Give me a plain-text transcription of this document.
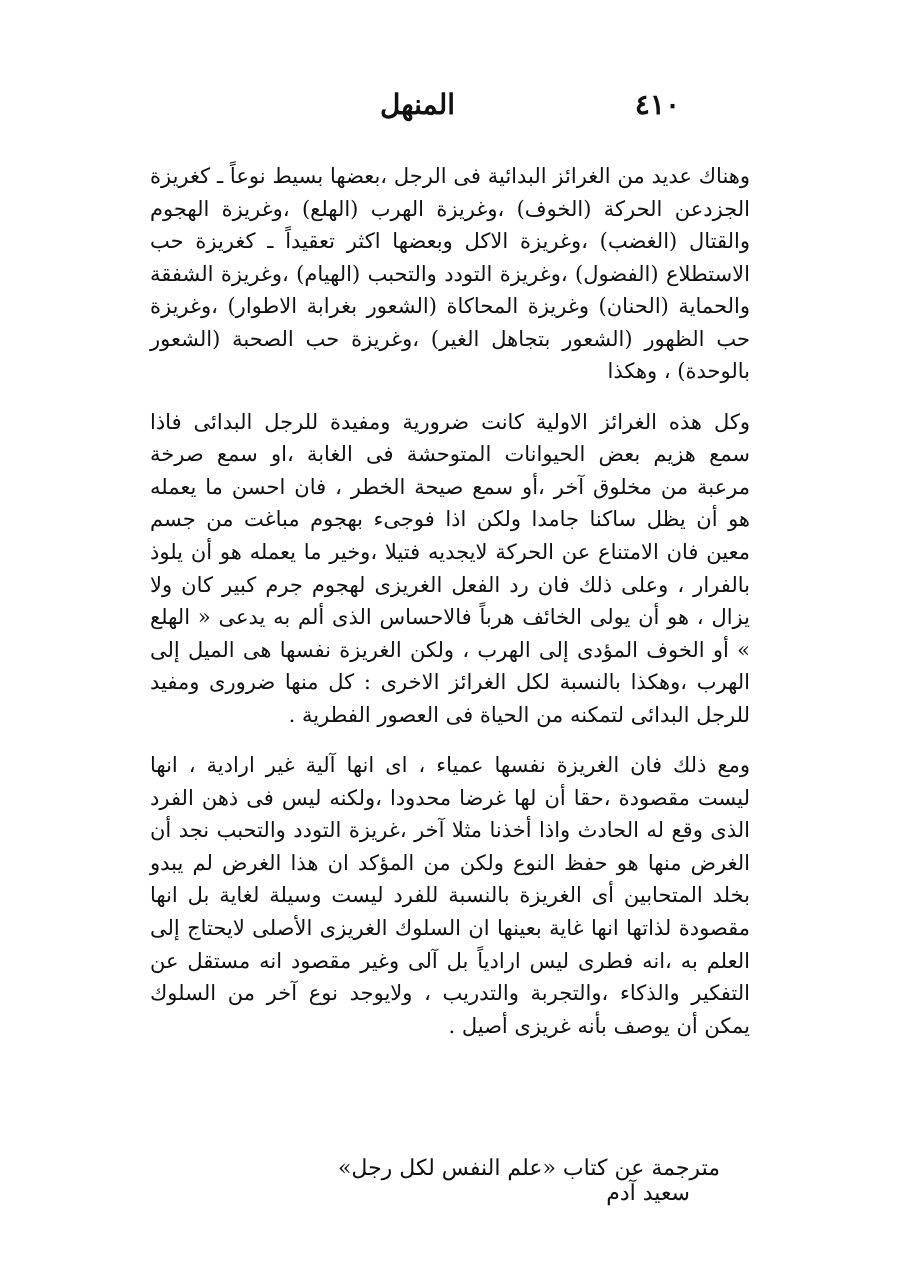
٤١٠
المنهل

وهناك عديد من الغرائز البدائية فى الرجل ،بعضها بسيط نوعاً ـ كغريزة الجزدعن الحركة (الخوف) ،وغريزة الهرب (الهلع) ،وغريزة الهجوم والقتال (الغضب) ،وغريزة الاكل وبعضها اكثر تعقيداً ـ كغريزة حب الاستطلاع (الفضول) ،وغريزة التودد والتحبب (الهيام) ،وغريزة الشفقة والحماية (الحنان) وغريزة المحاكاة (الشعور بغرابة الاطوار) ،وغريزة حب الظهور (الشعور بتجاهل الغير) ،وغريزة حب الصحبة (الشعور بالوحدة) ، وهكذا

وكل هذه الغرائز الاولية كانت ضرورية ومفيدة للرجل البدائى فاذا سمع هزيم بعض الحيوانات المتوحشة فى الغابة ،او سمع صرخة مرعبة من مخلوق آخر ،أو سمع صيحة الخطر ، فان احسن ما يعمله هو أن يظل ساكنا جامدا ولكن اذا فوجىء بهجوم مباغت من جسم معين فان الامتناع عن الحركة لايجديه فتيلا ،وخير ما يعمله هو أن يلوذ بالفرار ، وعلى ذلك فان رد الفعل الغريزى لهجوم جرم كبير كان ولا يزال ، هو أن يولى الخائف هرباً فالاحساس الذى ألم به يدعى « الهلع » أو الخوف المؤدى إلى الهرب ، ولكن الغريزة نفسها هى الميل إلى الهرب ،وهكذا بالنسبة لكل الغرائز الاخرى : كل منها ضرورى ومفيد للرجل البدائى لتمكنه من الحياة فى العصور الفطرية .

ومع ذلك فان الغريزة نفسها عمياء ، اى انها آلية غير ارادية ، انها ليست مقصودة ،حقا أن لها غرضا محدودا ،ولكنه ليس فى ذهن الفرد الذى وقع له الحادث واذا أخذنا مثلا آخر ،غريزة التودد والتحبب نجد أن الغرض منها هو حفظ النوع ولكن من المؤكد ان هذا الغرض لم يبدو بخلد المتحابين أى الغريزة بالنسبة للفرد ليست وسيلة لغاية بل انها مقصودة لذاتها انها غاية بعينها ان السلوك الغريزى الأصلى لايحتاج إلى العلم به ،انه فطرى ليس ارادياً بل آلى وغير مقصود انه مستقل عن التفكير والذكاء ،والتجربة والتدريب ، ولايوجد نوع آخر من السلوك يمكن أن يوصف بأنه غريزى أصيل .

مترجمة عن كتاب «علم النفس لكل رجل» سعيد آدم
